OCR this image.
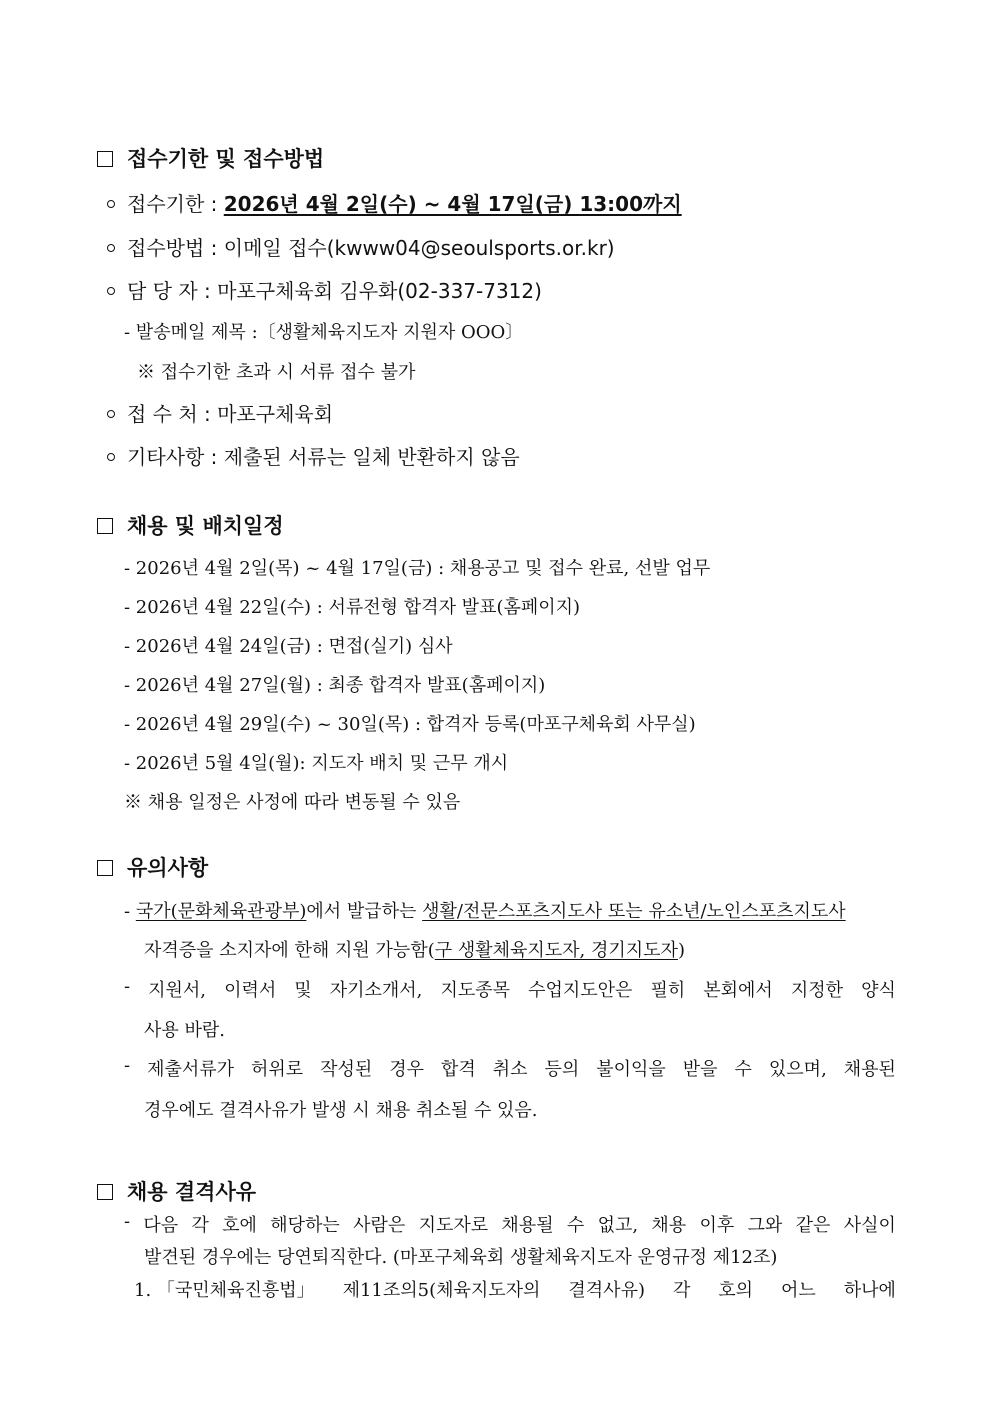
접수기한 및 접수방법
접수기한 : 2026년 4월 2일(수) ~ 4월 17일(금) 13:00까지
접수방법 : 이메일 접수(kwww04@seoulsports.or.kr)
담 당 자 : 마포구체육회 김우화(02-337-7312)
- 발송메일 제목 :〔생활체육지도자 지원자 OOO〕
※ 접수기한 초과 시 서류 접수 불가
접 수 처 : 마포구체육회
기타사항 : 제출된 서류는 일체 반환하지 않음
채용 및 배치일정
- 2026년 4월 2일(목) ~ 4월 17일(금) : 채용공고 및 접수 완료, 선발 업무
- 2026년 4월 22일(수) : 서류전형 합격자 발표(홈페이지)
- 2026년 4월 24일(금) : 면접(실기) 심사
- 2026년 4월 27일(월) : 최종 합격자 발표(홈페이지)
- 2026년 4월 29일(수) ~ 30일(목) : 합격자 등록(마포구체육회 사무실)
- 2026년 5월 4일(월): 지도자 배치 및 근무 개시
※ 채용 일정은 사정에 따라 변동될 수 있음
유의사항
- 국가(문화체육관광부)에서 발급하는 생활/전문스포츠지도사 또는 유소년/노인스포츠지도사
자격증을 소지자에 한해 지원 가능함(구 생활체육지도자, 경기지도자)
- 지원서, 이력서 및 자기소개서, 지도종목 수업지도안은 필히 본회에서 지정한 양식
사용 바람.
- 제출서류가 허위로 작성된 경우 합격 취소 등의 불이익을 받을 수 있으며, 채용된
경우에도 결격사유가 발생 시 채용 취소될 수 있음.
채용 결격사유
- 다음 각 호에 해당하는 사람은 지도자로 채용될 수 없고, 채용 이후 그와 같은 사실이
발견된 경우에는 당연퇴직한다. (마포구체육회 생활체육지도자 운영규정 제12조)
1. 「국민체육진흥법」 제11조의5(체육지도자의 결격사유) 각 호의 어느 하나에
